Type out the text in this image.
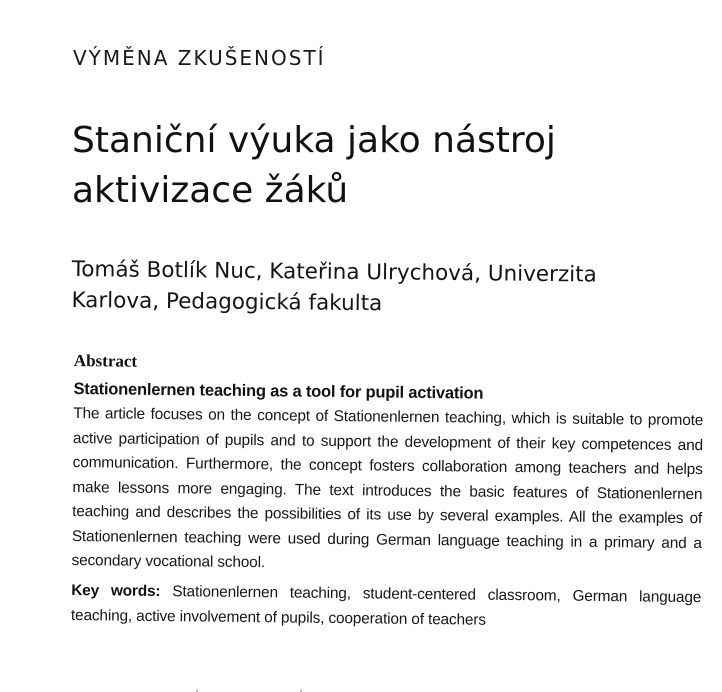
VÝMĚNA ZKUŠENOSTÍ
Staniční výuka jako nástroj aktivizace žáků
Tomáš Botlík Nuc, Kateřina Ulrychová, Univerzita Karlova, Pedagogická fakulta

Abstract

Stationenlernen teaching as a tool for pupil activation

The article focuses on the concept of Stationenlernen teaching, which is suitable to promote active participation of pupils and to support the development of their key competences and communication. Furthermore, the concept fosters collaboration among teachers and helps make lessons more engaging. The text introduces the basic features of Stationenlernen teaching and describes the possibilities of its use by several examples. All the examples of Stationenlernen teaching were used during German language teaching in a primary and a secondary vocational school.

Key words: Stationenlernen teaching, student-centered classroom, German language teaching, active involvement of pupils, cooperation of teachers
